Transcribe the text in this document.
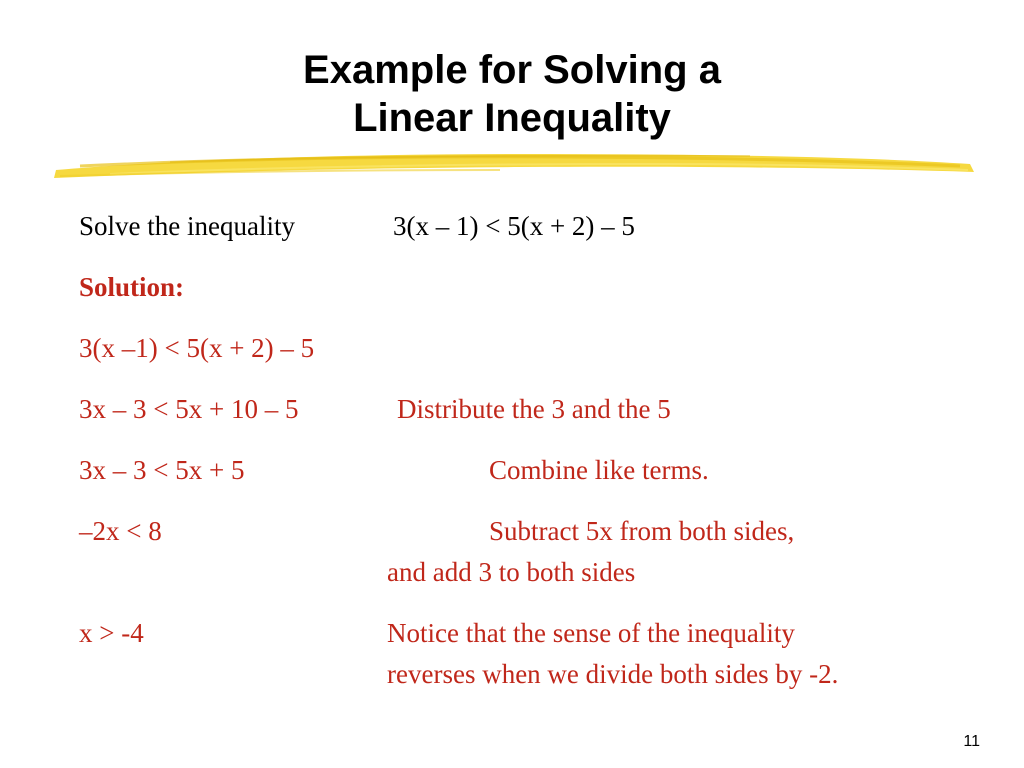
Example for Solving a
Linear Inequality
Solve the inequality	3(x – 1) < 5(x + 2) – 5
Solution:
3(x –1) < 5(x + 2) – 5
3x – 3 < 5x + 10 – 5	Distribute the 3 and the 5
3x – 3 < 5x + 5	Combine like terms.
–2x < 8	Subtract 5x from both sides,
and add 3 to both sides
x > -4	Notice that the sense of the inequality
reverses when we divide both sides by -2.
11
